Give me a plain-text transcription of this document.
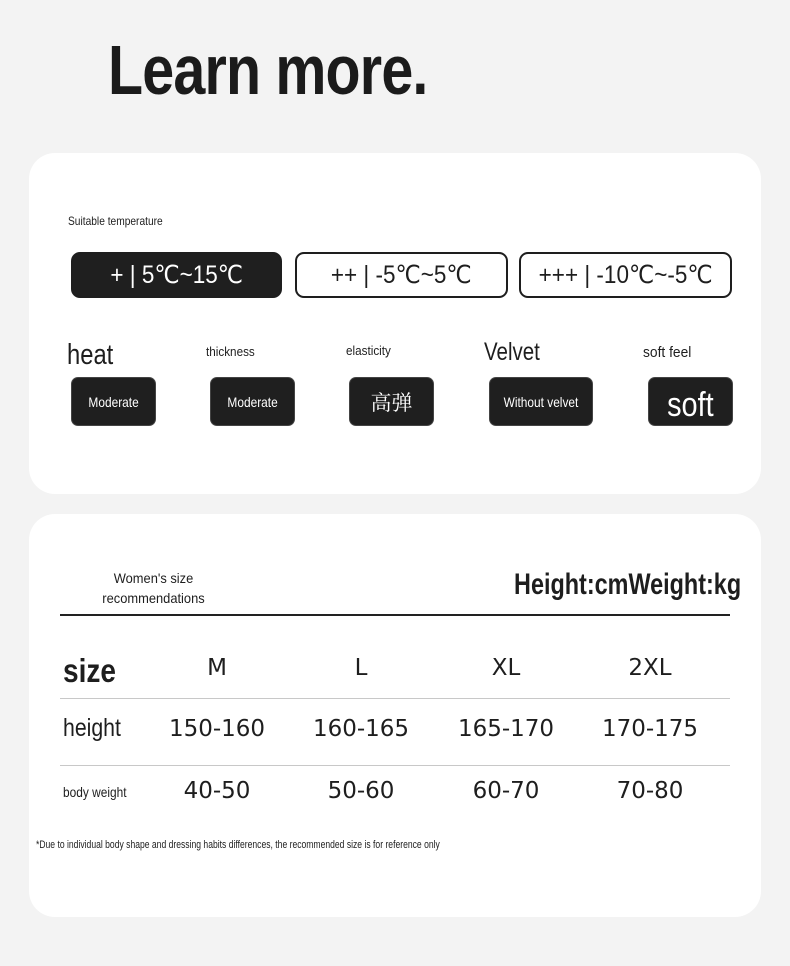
Learn more.
Suitable temperature
+ | 5℃~15℃	++ | -5℃~5℃	+++ | -10℃~-5℃
heat	thickness	elasticity	Velvet	soft feel
Moderate	Moderate	高弹	Without velvet	soft
Women's size recommendations	Height:cmWeight:kg
size	M	L	XL	2XL
height	150-160	160-165	165-170	170-175
body weight	40-50	50-60	60-70	70-80
*Due to individual body shape and dressing habits differences, the recommended size is for reference only
